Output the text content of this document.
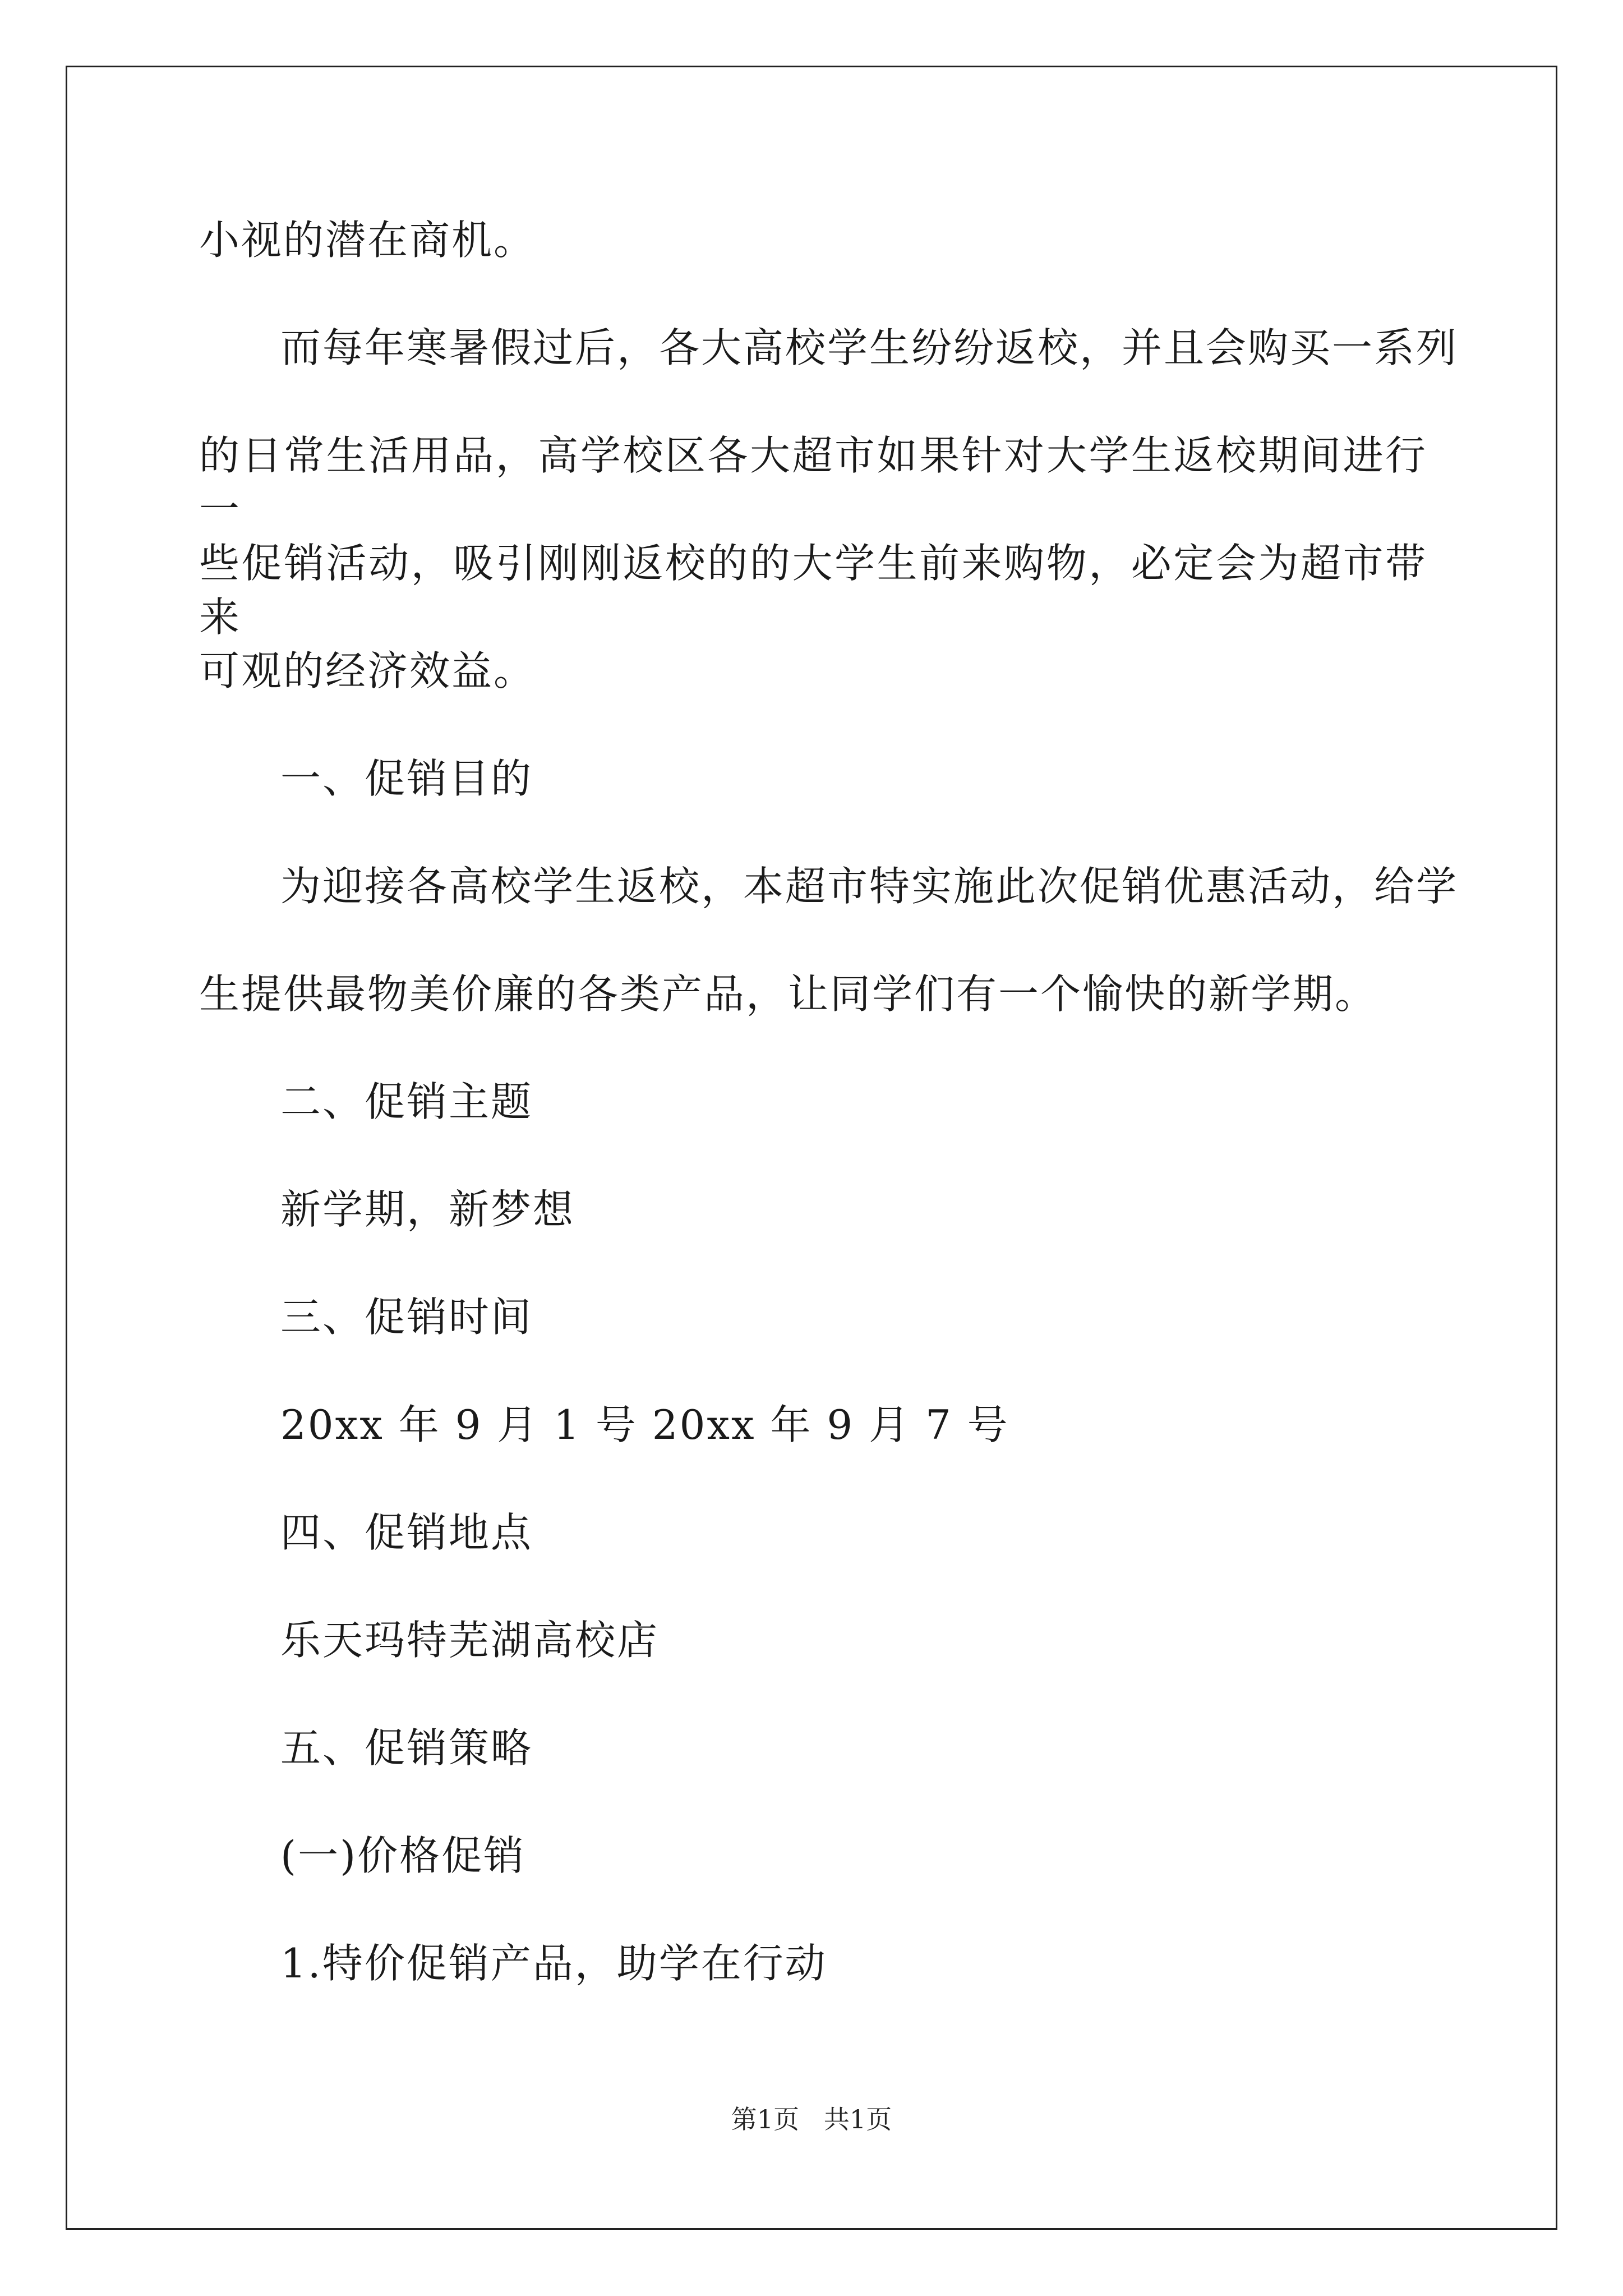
小视的潜在商机。
而每年寒暑假过后，各大高校学生纷纷返校，并且会购买一系列
的日常生活用品，高学校区各大超市如果针对大学生返校期间进行一
些促销活动，吸引刚刚返校的的大学生前来购物，必定会为超市带来
可观的经济效益。
一、促销目的
为迎接各高校学生返校，本超市特实施此次促销优惠活动，给学
生提供最物美价廉的各类产品，让同学们有一个愉快的新学期。
二、促销主题
新学期，新梦想
三、促销时间
20xx 年 9 月 1 号 20xx 年 9 月 7 号
四、促销地点
乐天玛特芜湖高校店
五、促销策略
(一)价格促销
1.特价促销产品，助学在行动
第1页   共1页
